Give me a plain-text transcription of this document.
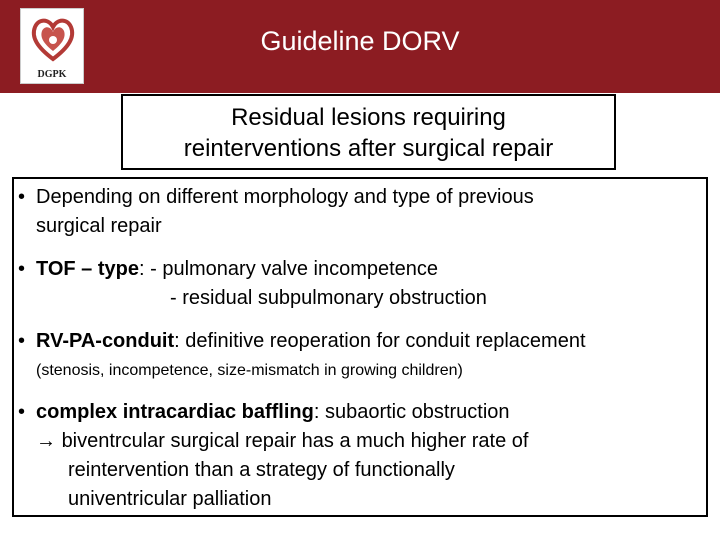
DGPK
Guideline DORV
Residual lesions requiring
reinterventions after surgical repair
• Depending on different morphology and type of previous
surgical repair
• TOF – type: - pulmonary valve incompetence
- residual subpulmonary obstruction
• RV-PA-conduit: definitive reoperation for conduit replacement
(stenosis, incompetence, size-mismatch in growing children)
• complex intracardiac baffling: subaortic obstruction
→ biventrcular surgical repair has a much higher rate of
reintervention than a strategy of functionally
univentricular palliation
